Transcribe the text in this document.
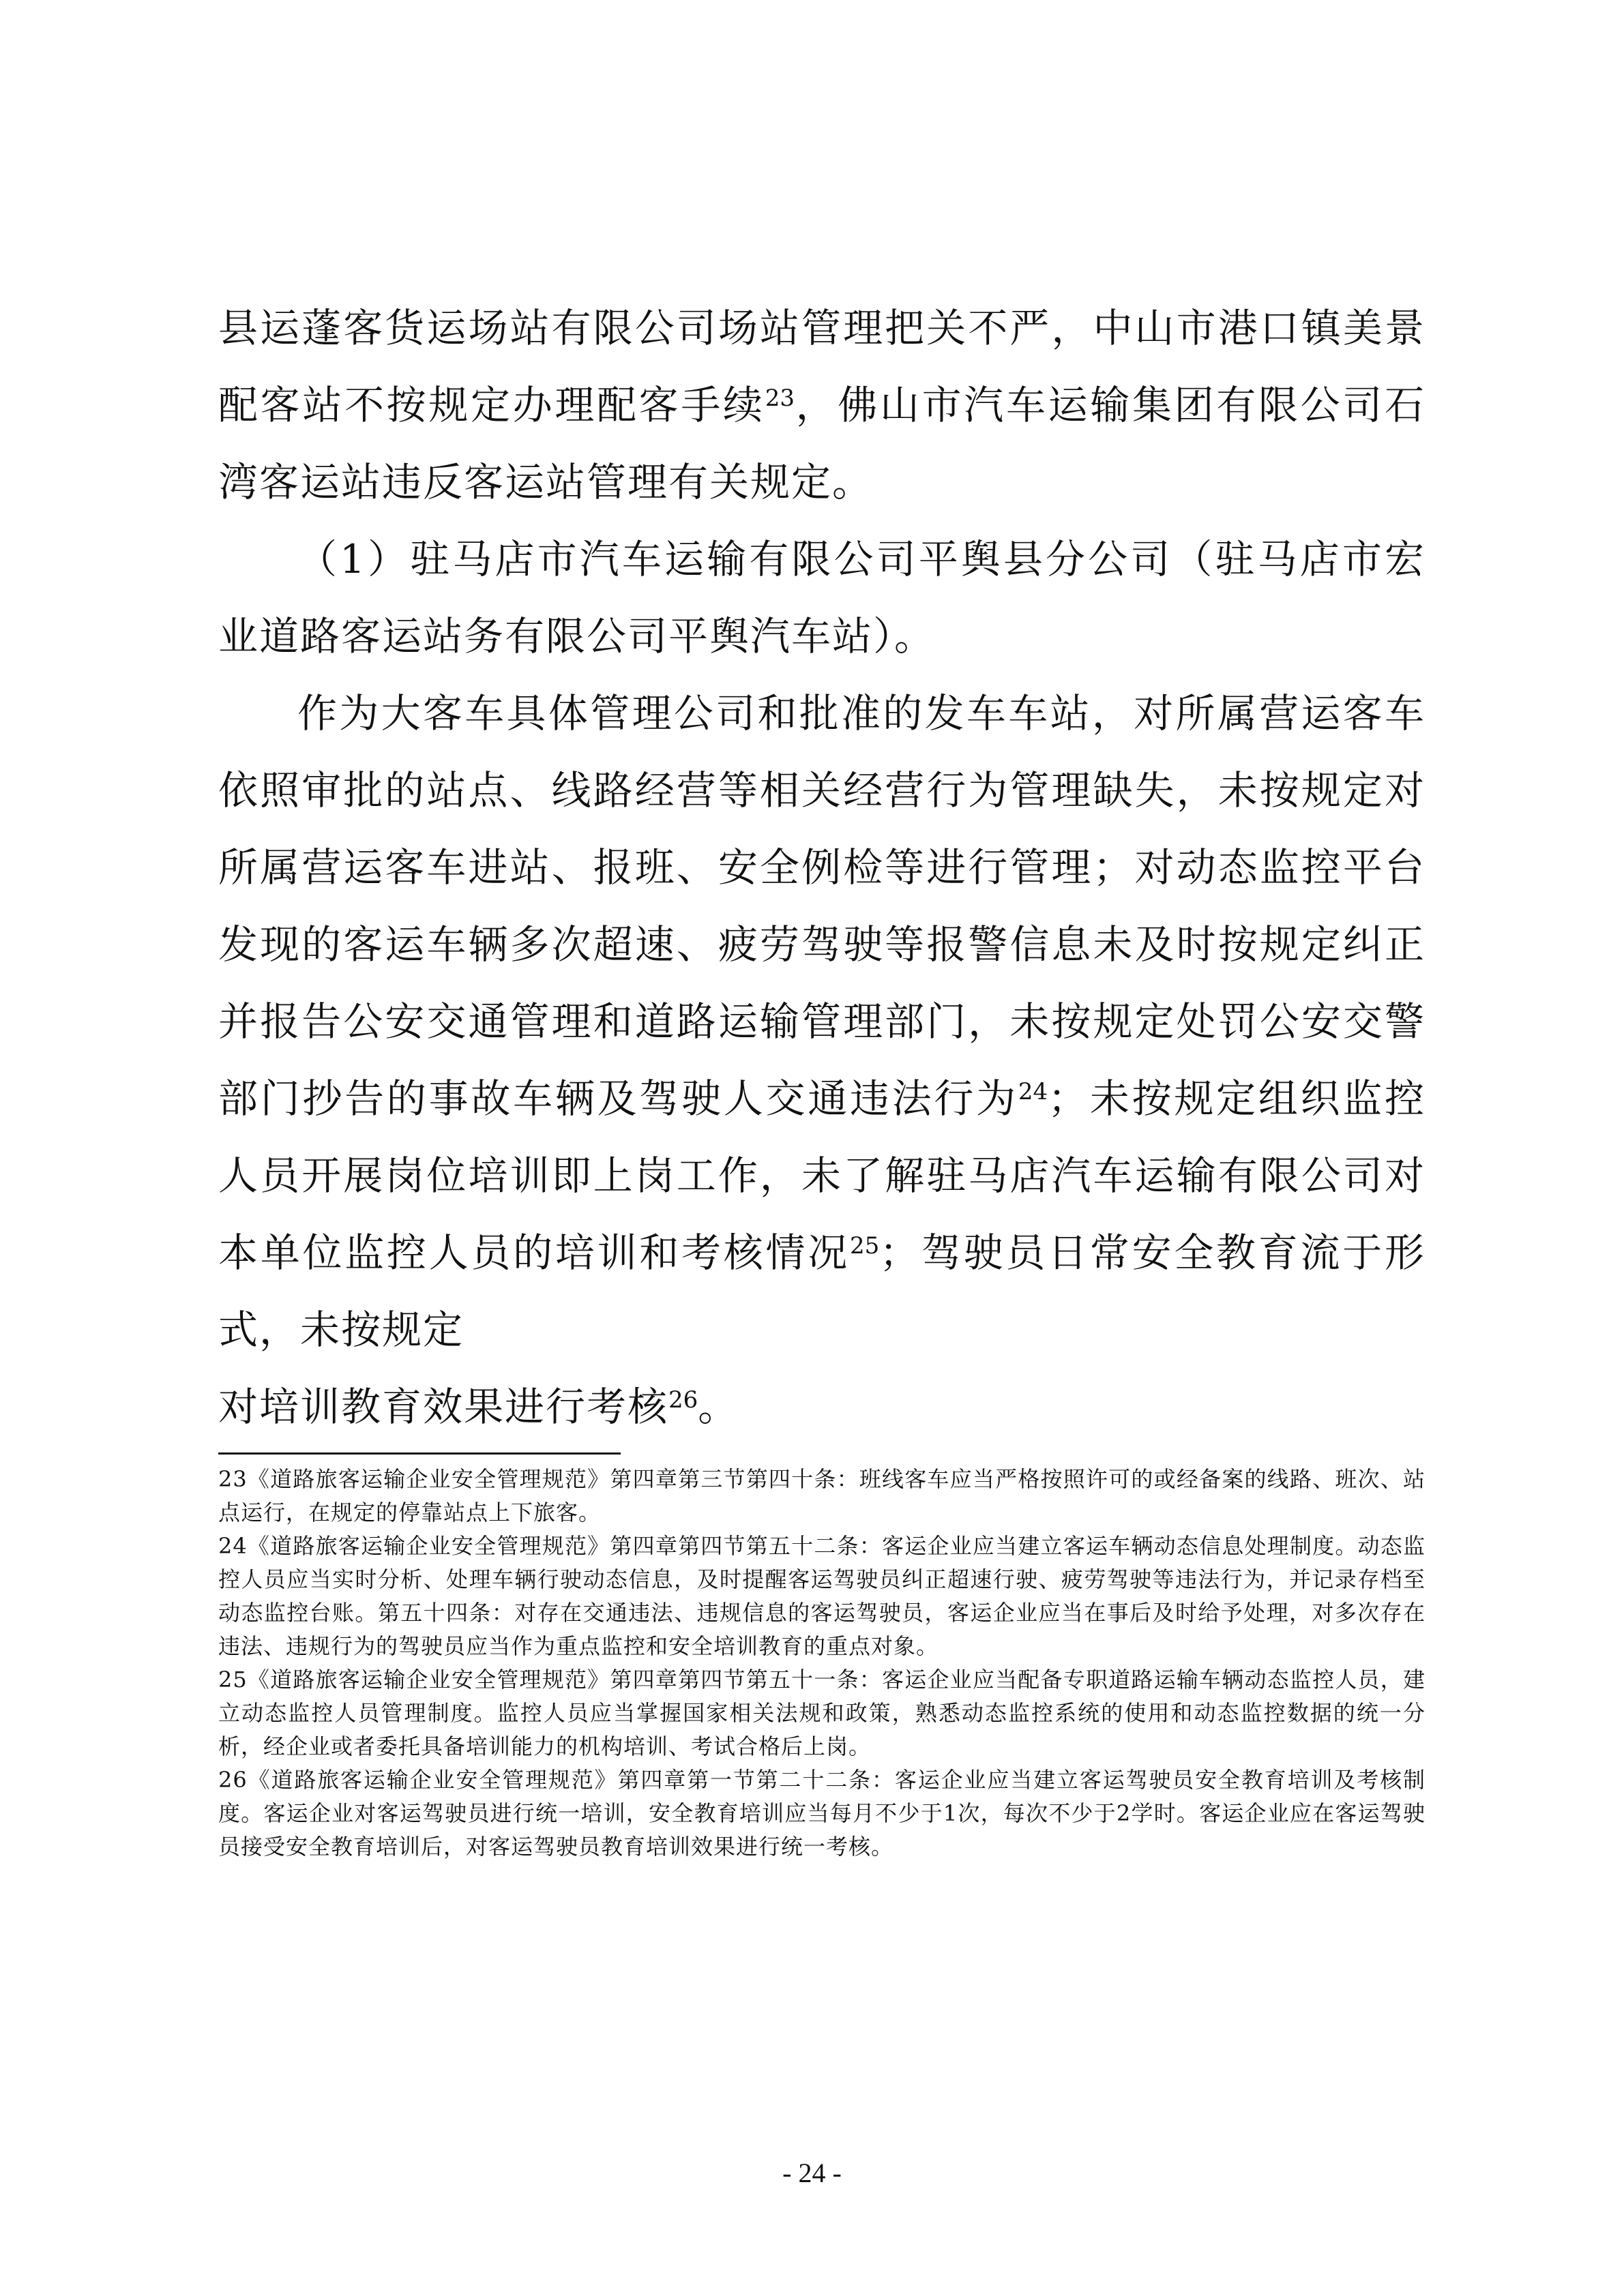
县运蓬客货运场站有限公司场站管理把关不严，中山市港口镇美景配客站不按规定办理配客手续$^{23}$，佛山市汽车运输集团有限公司石湾客运站违反客运站管理有关规定。

（1）驻马店市汽车运输有限公司平舆县分公司（驻马店市宏业道路客运站务有限公司平舆汽车站）。

作为大客车具体管理公司和批准的发车车站，对所属营运客车依照审批的站点、线路经营等相关经营行为管理缺失，未按规定对所属营运客车进站、报班、安全例检等进行管理；对动态监控平台发现的客运车辆多次超速、疲劳驾驶等报警信息未及时按规定纠正并报告公安交通管理和道路运输管理部门，未按规定处罚公安交警部门抄告的事故车辆及驾驶人交通违法行为$^{24}$；未按规定组织监控人员开展岗位培训即上岗工作，未了解驻马店汽车运输有限公司对本单位监控人员的培训和考核情况$^{25}$；驾驶员日常安全教育流于形式，未按规定

对培训教育效果进行考核$^{26}$。

23《道路旅客运输企业安全管理规范》第四章第三节第四十条：班线客车应当严格按照许可的或经备案的线路、班次、站点运行，在规定的停靠站点上下旅客。

24《道路旅客运输企业安全管理规范》第四章第四节第五十二条：客运企业应当建立客运车辆动态信息处理制度。动态监控人员应当实时分析、处理车辆行驶动态信息，及时提醒客运驾驶员纠正超速行驶、疲劳驾驶等违法行为，并记录存档至动态监控台账。第五十四条：对存在交通违法、违规信息的客运驾驶员，客运企业应当在事后及时给予处理，对多次存在违法、违规行为的驾驶员应当作为重点监控和安全培训教育的重点对象。

25《道路旅客运输企业安全管理规范》第四章第四节第五十一条：客运企业应当配备专职道路运输车辆动态监控人员，建立动态监控人员管理制度。监控人员应当掌握国家相关法规和政策，熟悉动态监控系统的使用和动态监控数据的统一分析，经企业或者委托具备培训能力的机构培训、考试合格后上岗。

26《道路旅客运输企业安全管理规范》第四章第一节第二十二条：客运企业应当建立客运驾驶员安全教育培训及考核制度。客运企业对客运驾驶员进行统一培训，安全教育培训应当每月不少于1次，每次不少于2学时。客运企业应在客运驾驶员接受安全教育培训后，对客运驾驶员教育培训效果进行统一考核。

- 24 -
